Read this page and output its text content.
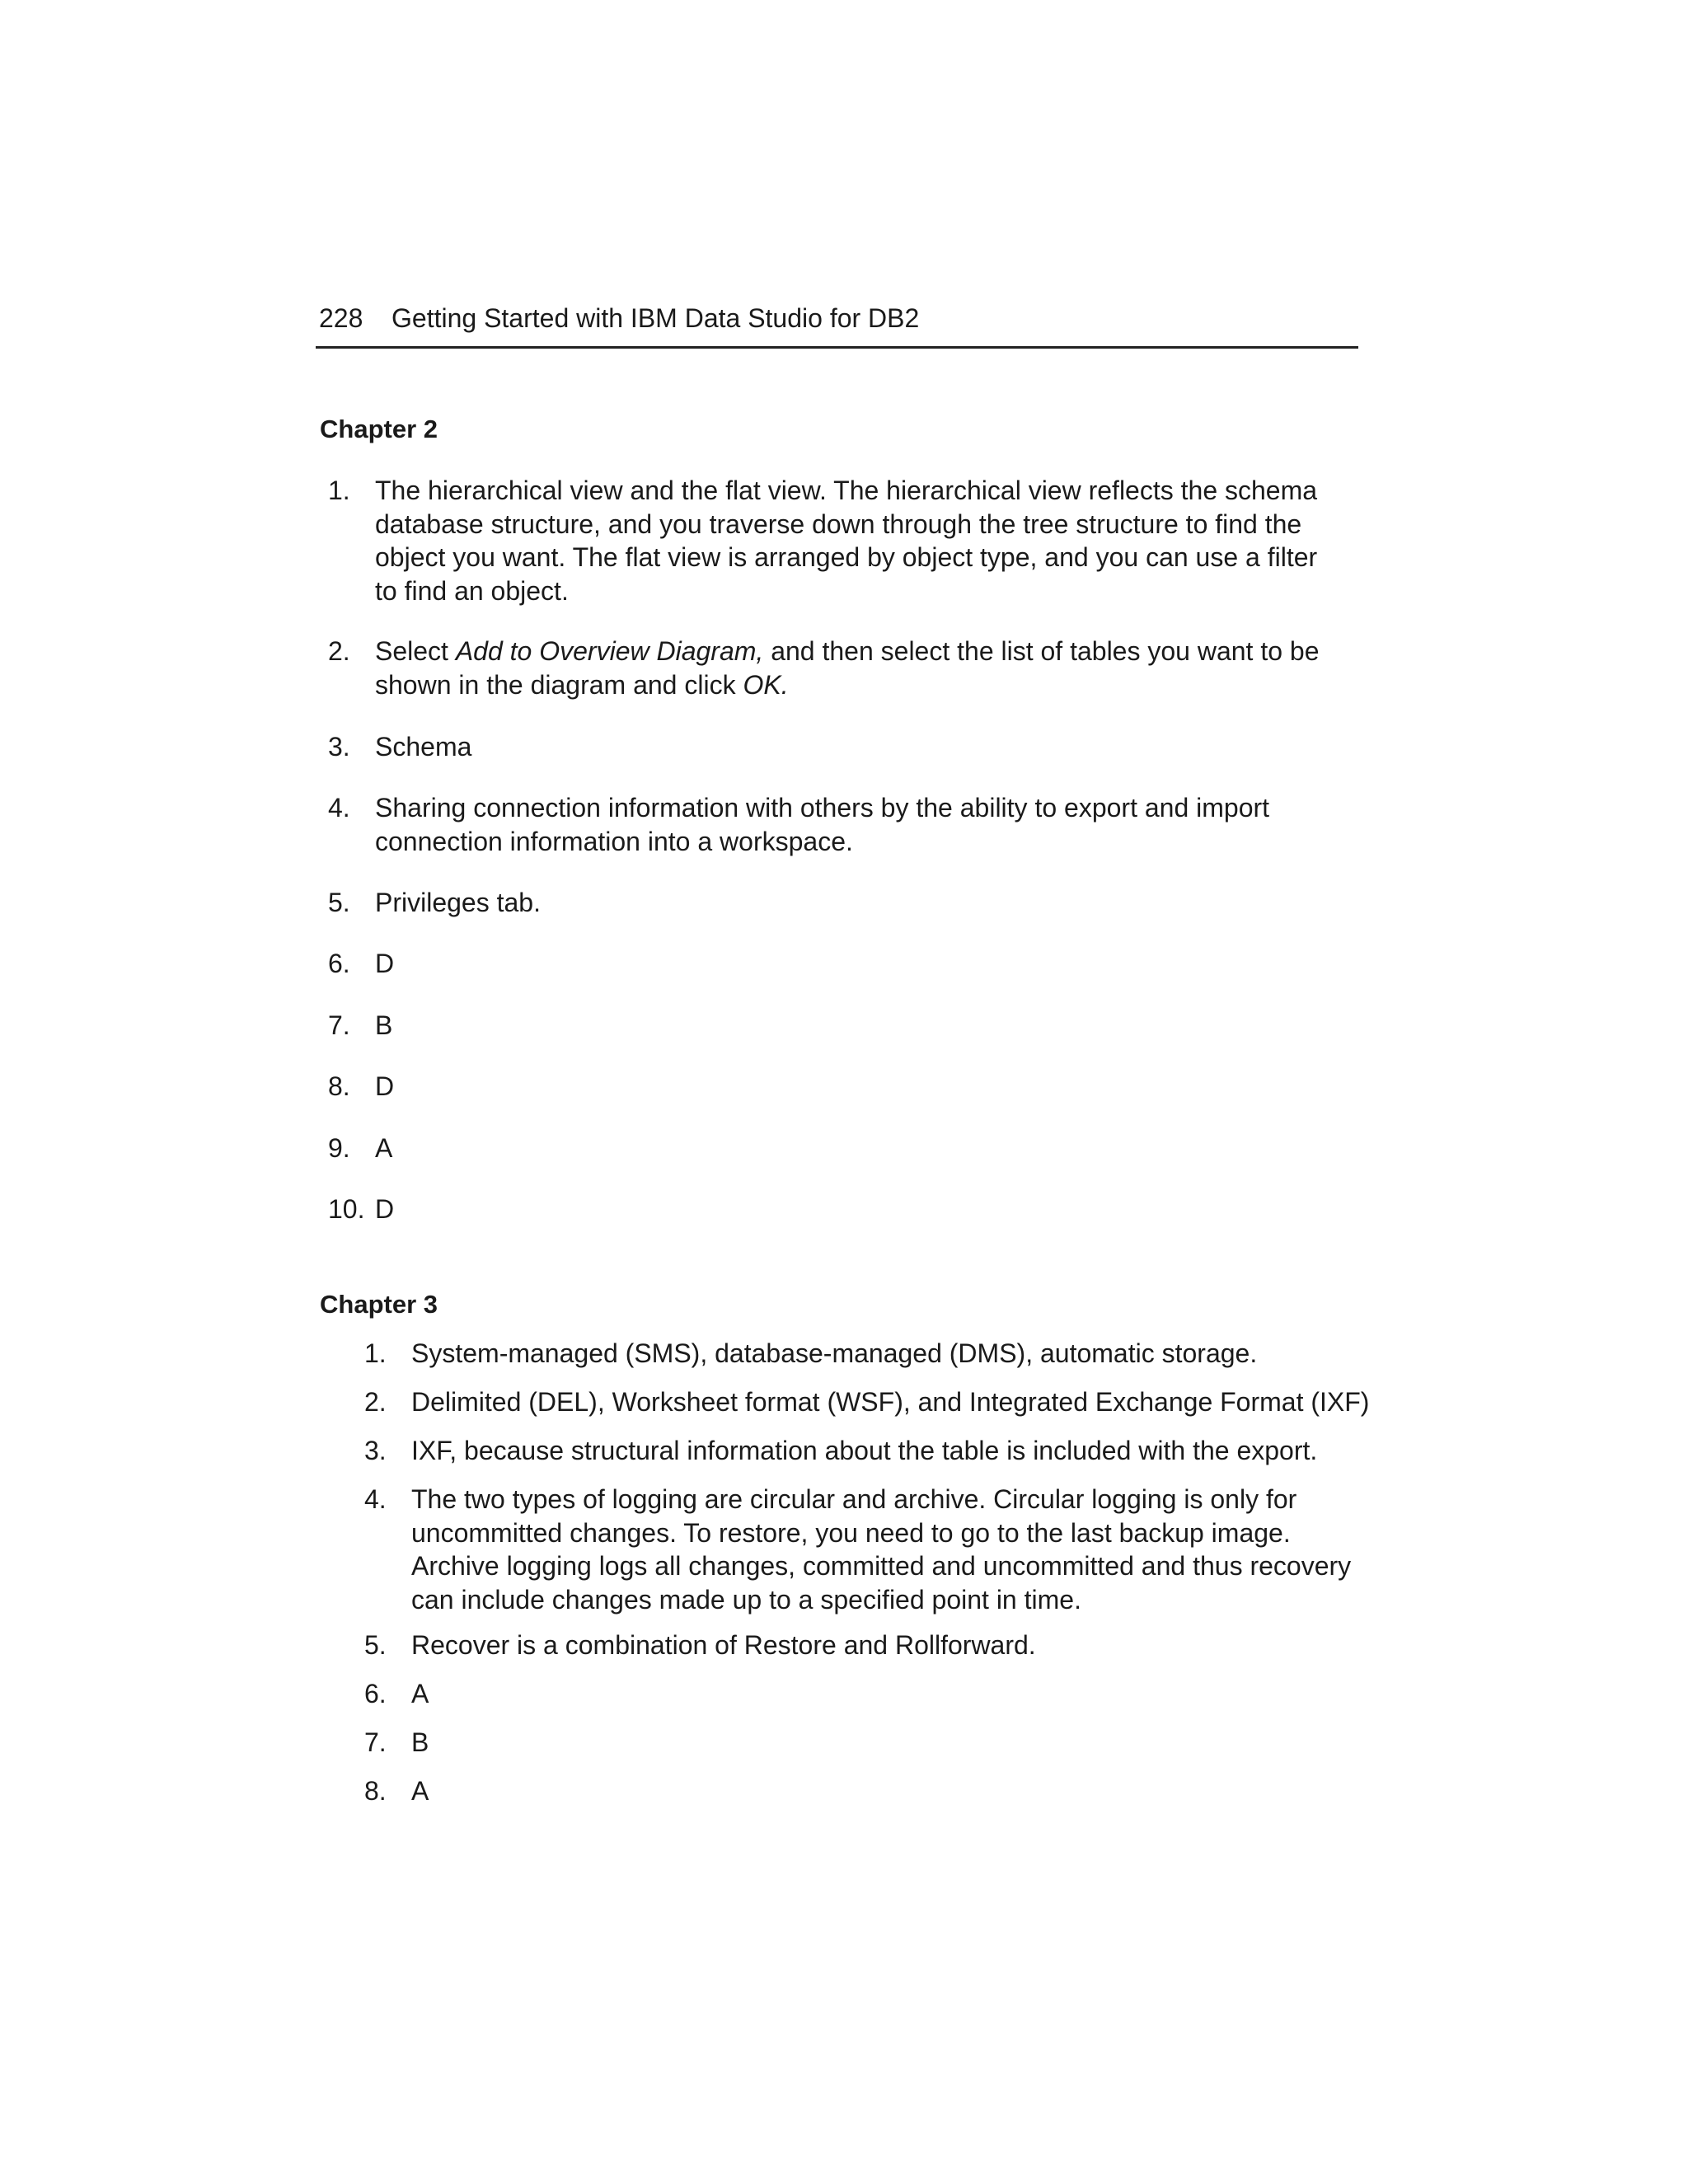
228 Getting Started with IBM Data Studio for DB2
Chapter 2
1. The hierarchical view and the flat view. The hierarchical view reflects the schema database structure, and you traverse down through the tree structure to find the object you want. The flat view is arranged by object type, and you can use a filter to find an object.
2. Select Add to Overview Diagram, and then select the list of tables you want to be shown in the diagram and click OK.
3. Schema
4. Sharing connection information with others by the ability to export and import connection information into a workspace.
5. Privileges tab.
6. D
7. B
8. D
9. A
10. D
Chapter 3
1. System-managed (SMS), database-managed (DMS), automatic storage.
2. Delimited (DEL), Worksheet format (WSF), and Integrated Exchange Format (IXF)
3. IXF, because structural information about the table is included with the export.
4. The two types of logging are circular and archive. Circular logging is only for uncommitted changes. To restore, you need to go to the last backup image. Archive logging logs all changes, committed and uncommitted and thus recovery can include changes made up to a specified point in time.
5. Recover is a combination of Restore and Rollforward.
6. A
7. B
8. A
